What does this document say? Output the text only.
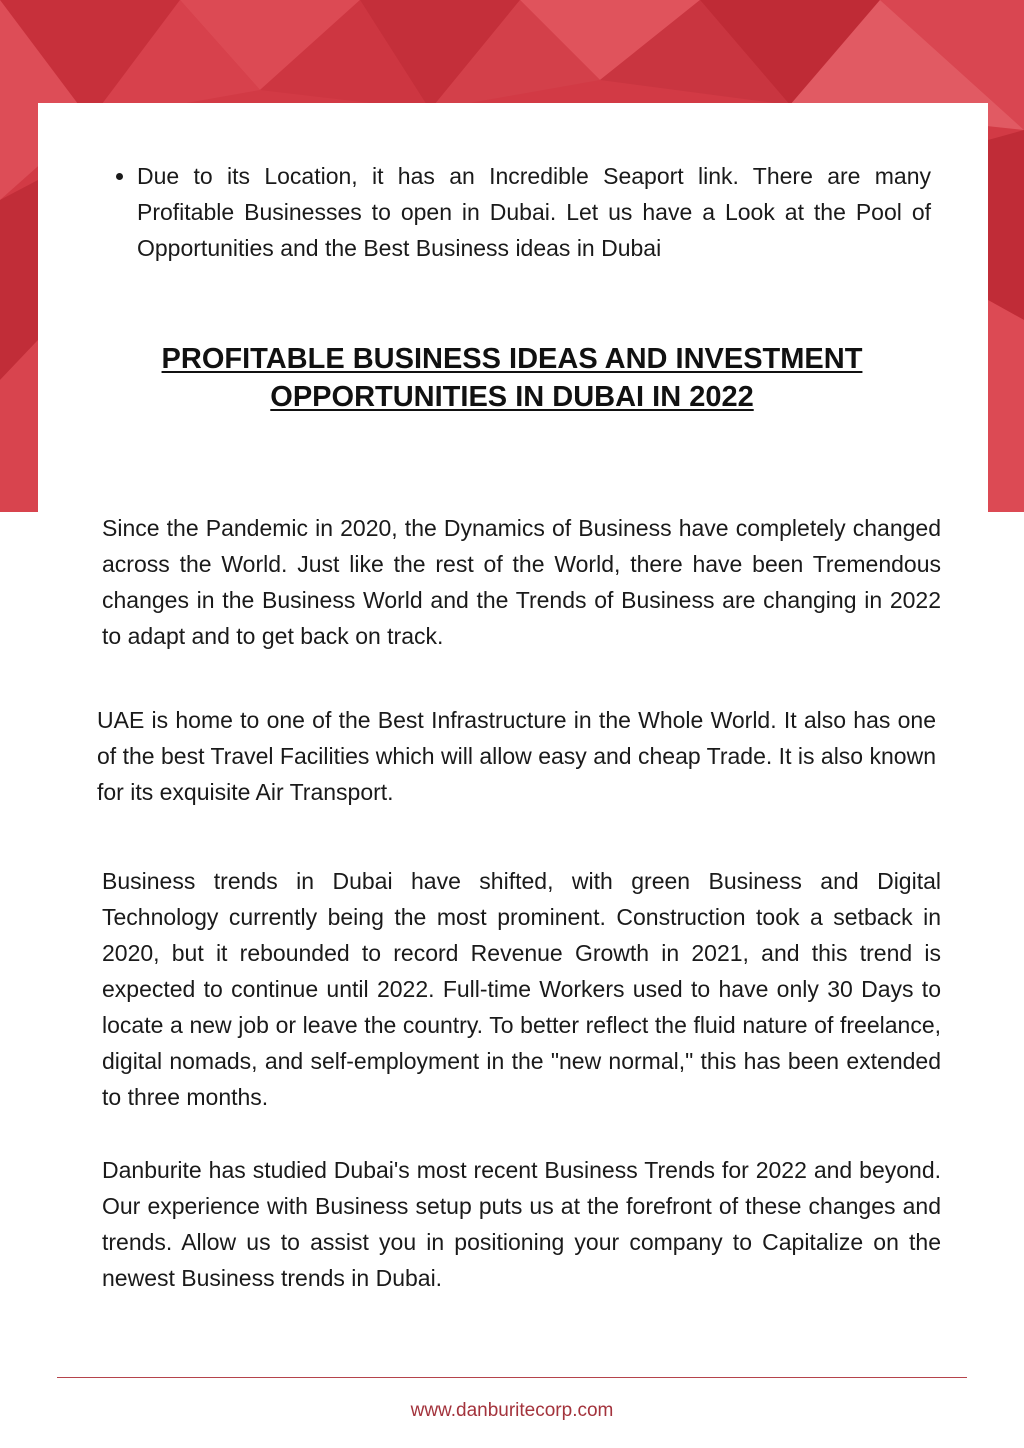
• Due to its Location, it has an Incredible Seaport link. There are many Profitable Businesses to open in Dubai. Let us have a Look at the Pool of Opportunities and the Best Business ideas in Dubai
PROFITABLE BUSINESS IDEAS AND INVESTMENT
OPPORTUNITIES IN DUBAI IN 2022

Since the Pandemic in 2020, the Dynamics of Business have completely changed across the World. Just like the rest of the World, there have been Tremendous changes in the Business World and the Trends of Business are changing in 2022 to adapt and to get back on track.

UAE is home to one of the Best Infrastructure in the Whole World. It also has one of the best Travel Facilities which will allow easy and cheap Trade. It is also known for its exquisite Air Transport.

Business trends in Dubai have shifted, with green Business and Digital Technology currently being the most prominent. Construction took a setback in 2020, but it rebounded to record Revenue Growth in 2021, and this trend is expected to continue until 2022. Full-time Workers used to have only 30 Days to locate a new job or leave the country. To better reflect the fluid nature of freelance, digital nomads, and self-employment in the "new normal," this has been extended to three months.

Danburite has studied Dubai's most recent Business Trends for 2022 and beyond. Our experience with Business setup puts us at the forefront of these changes and trends. Allow us to assist you in positioning your company to Capitalize on the newest Business trends in Dubai.

www.danburitecorp.com
